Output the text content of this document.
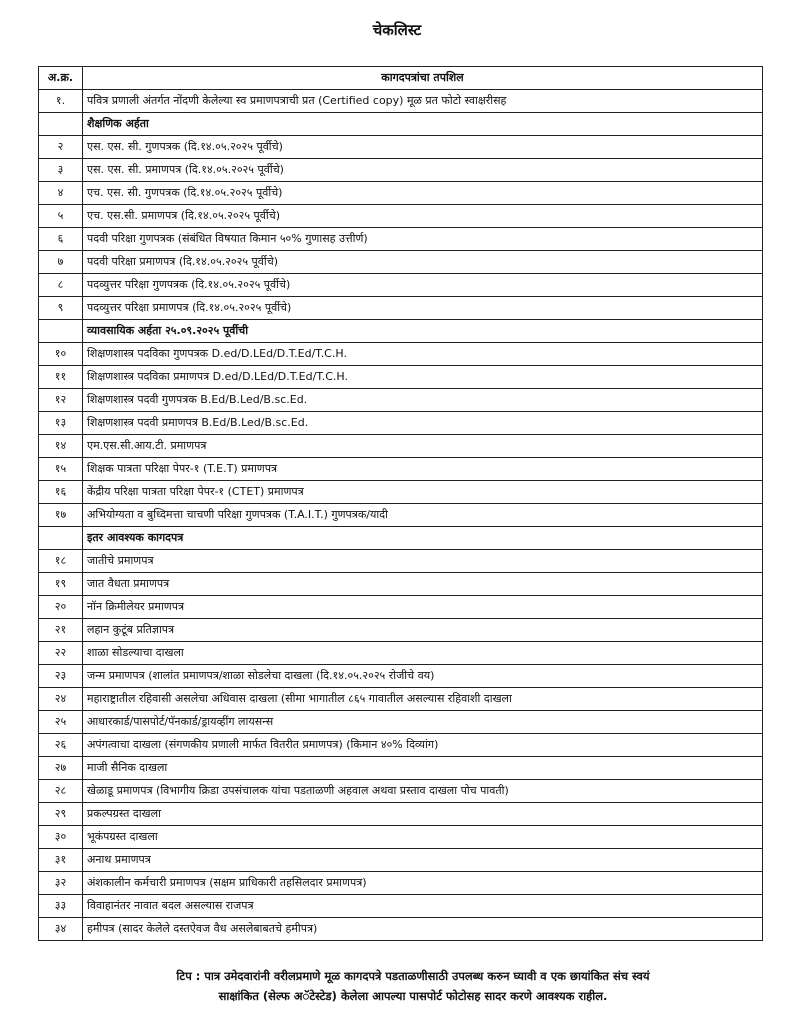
चेकलिस्ट
अ.क्र.	कागदपत्रांचा तपशिल
१.	पवित्र प्रणाली अंतर्गत नोंदणी केलेल्या स्व प्रमाणपत्राची प्रत (Certified copy) मूळ प्रत फोटो स्वाक्षरीसह
	शैक्षणिक अर्हता
२	एस. एस. सी. गुणपत्रक (दि.१४.०५.२०२५ पूर्वीचे)
३	एस. एस. सी. प्रमाणपत्र (दि.१४.०५.२०२५ पूर्वीचे)
४	एच. एस. सी. गुणपत्रक (दि.१४.०५.२०२५ पूर्वीचे)
५	एच. एस.सी. प्रमाणपत्र (दि.१४.०५.२०२५ पूर्वीचे)
६	पदवी परिक्षा गुणपत्रक (संबंधित विषयात किमान ५०% गुणासह उत्तीर्ण)
७	पदवी परिक्षा प्रमाणपत्र (दि.१४.०५.२०२५ पूर्वीचे)
८	पदव्युत्तर परिक्षा गुणपत्रक (दि.१४.०५.२०२५ पूर्वीचे)
९	पदव्युत्तर परिक्षा प्रमाणपत्र (दि.१४.०५.२०२५ पूर्वीचे)
	व्यावसायिक अर्हता २५.०९.२०२५ पूर्वीची
१०	शिक्षणशास्त्र पदविका गुणपत्रक D.ed/D.LEd/D.T.Ed/T.C.H.
११	शिक्षणशास्त्र पदविका प्रमाणपत्र D.ed/D.LEd/D.T.Ed/T.C.H.
१२	शिक्षणशास्त्र पदवी गुणपत्रक B.Ed/B.Led/B.sc.Ed.
१३	शिक्षणशास्त्र पदवी प्रमाणपत्र B.Ed/B.Led/B.sc.Ed.
१४	एम.एस.सी.आय.टी. प्रमाणपत्र
१५	शिक्षक पात्रता परिक्षा पेपर-१ (T.E.T) प्रमाणपत्र
१६	केंद्रीय परिक्षा पात्रता परिक्षा पेपर-१ (CTET) प्रमाणपत्र
१७	अभियोग्यता व बुध्दिमत्ता चाचणी परिक्षा गुणपत्रक (T.A.I.T.) गुणपत्रक/यादी
	इतर आवश्यक कागदपत्र
१८	जातीचे प्रमाणपत्र
१९	जात वैधता प्रमाणपत्र
२०	नॉन क्रिमीलेयर प्रमाणपत्र
२१	लहान कुटूंब प्रतिज्ञापत्र
२२	शाळा सोडल्याचा दाखला
२३	जन्म प्रमाणपत्र (शालांत प्रमाणपत्र/शाळा सोडलेचा दाखला (दि.१४.०५.२०२५ रोजीचे वय)
२४	महाराष्ट्रातील रहिवासी असलेचा अधिवास दाखला (सीमा भागातील ८६५ गावातील असल्यास रहिवाशी दाखला
२५	आधारकार्ड/पासपोर्ट/पॅनकार्ड/ड्रायव्हींग लायसन्स
२६	अपंगत्वाचा दाखला (संगणकीय प्रणाली मार्फत वितरीत प्रमाणपत्र) (किमान ४०% दिव्यांग)
२७	माजी सैनिक दाखला
२८	खेळाडू प्रमाणपत्र (विभागीय क्रिडा उपसंचालक यांचा पडताळणी अहवाल अथवा प्रस्ताव दाखला पोच पावती)
२९	प्रकल्पग्रस्त दाखला
३०	भूकंपग्रस्त दाखला
३१	अनाथ प्रमाणपत्र
३२	अंशकालीन कर्मचारी प्रमाणपत्र (सक्षम प्राधिकारी तहसिलदार प्रमाणपत्र)
३३	विवाहानंतर नावात बदल असल्यास राजपत्र
३४	हमीपत्र (सादर केलेले दस्तऐवज वैध असलेबाबतचे हमीपत्र)
टिप : पात्र उमेदवारांनी वरीलप्रमाणे मूळ कागदपत्रे पडताळणीसाठी उपलब्ध करुन घ्यावी व एक छायांकित संच स्वयं
साक्षांकित (सेल्फ अॅटेस्टेड) केलेला आपल्या पासपोर्ट फोटोसह सादर करणे आवश्यक राहील.
